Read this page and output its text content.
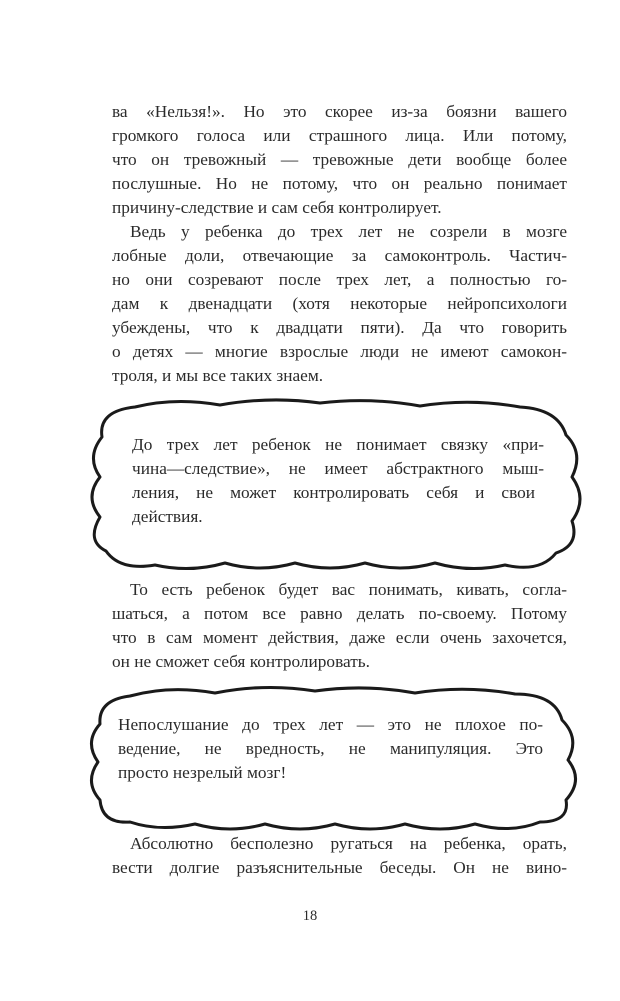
ва «Нельзя!». Но это скорее из-за боязни вашего
громкого голоса или страшного лица. Или потому,
что он тревожный — тревожные дети вообще более
послушные. Но не потому, что он реально понимает
причину-следствие и сам себя контролирует.
Ведь у ребенка до трех лет не созрели в мозге
лобные доли, отвечающие за самоконтроль. Частич-
но они созревают после трех лет, а полностью го-
дам к двенадцати (хотя некоторые нейропсихологи
убеждены, что к двадцати пяти). Да что говорить
о детях — многие взрослые люди не имеют самокон-
троля, и мы все таких знаем.
До трех лет ребенок не понимает связку «при-
чина—следствие», не имеет абстрактного мыш-
ления, не может контролировать себя и свои
действия.
То есть ребенок будет вас понимать, кивать, согла-
шаться, а потом все равно делать по-своему. Потому
что в сам момент действия, даже если очень захочется,
он не сможет себя контролировать.
Непослушание до трех лет — это не плохое по-
ведение, не вредность, не манипуляция. Это
просто незрелый мозг!
Абсолютно бесполезно ругаться на ребенка, орать,
вести долгие разъяснительные беседы. Он не вино-
18
